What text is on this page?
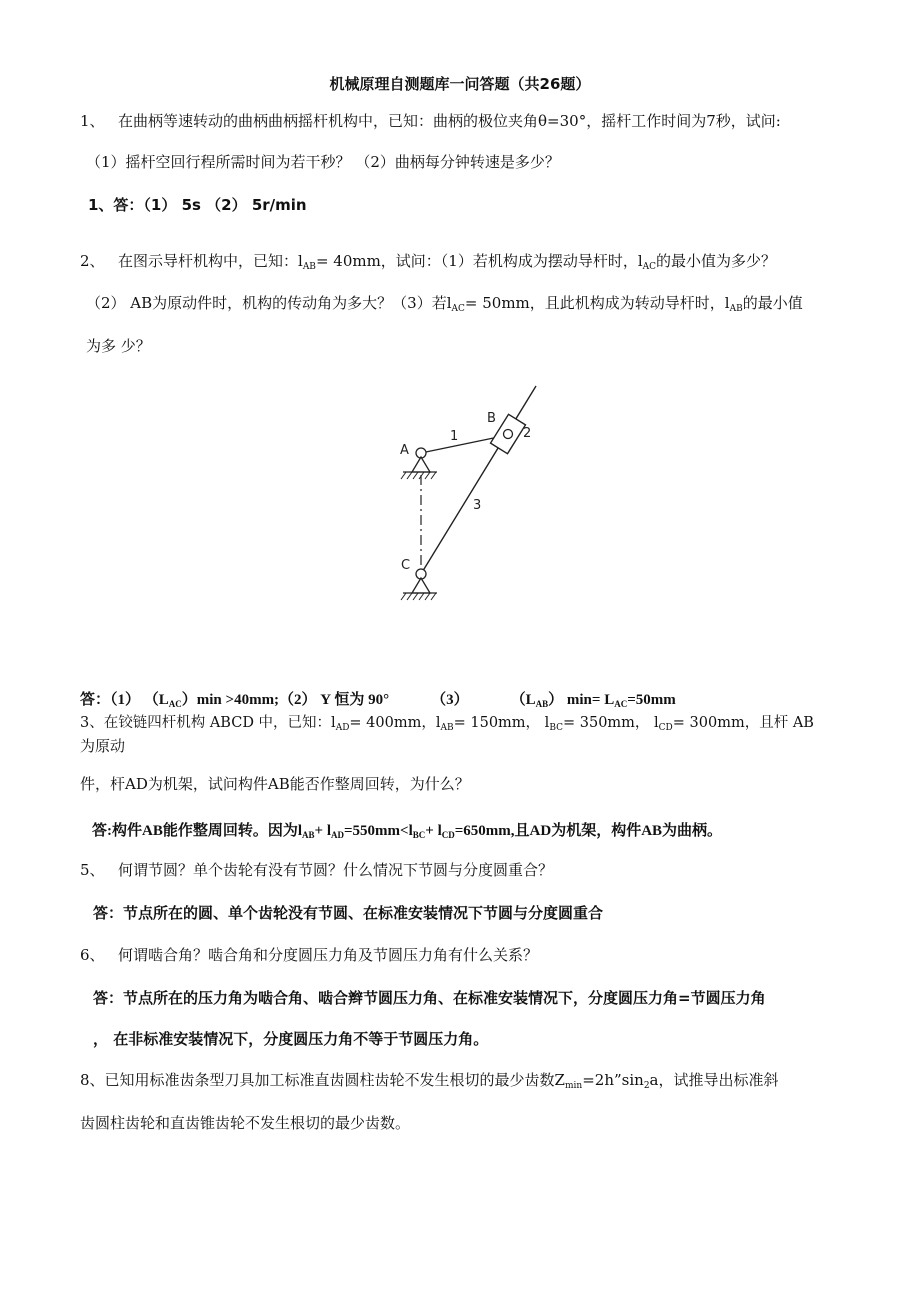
机械原理自测题库一问答题（共26题）
1、 在曲柄等速转动的曲柄曲柄摇杆机构中，已知：曲柄的极位夹角θ=30°，摇杆工作时间为7秒，试问:
（1）摇杆空回行程所需时间为若干秒？ （2）曲柄每分钟转速是多少？
1、答：（1） 5s （2） 5r/min
2、 在图示导杆机构中，已知：$l_{AB}= 40mm$，试问：（1）若机构成为摆动导杆时，$l_{AC}$的最小值为多少？
（2） AB为原动件时，机构的传动角为多大？（3）若$l_{AC}= 50mm$，且此机构成为转动导杆时，$l_{AB}$的最小值
为多 少？
A
B
C
1	2
3
答：（1） $(L_{AC})\min$ >40mm;（2） Y 恒为 90°	（3）	$(L_{AB})$ $\min= L_{AC}=50mm$
3、在铰链四杆机构 ABCD 中，已知：$l_{AD}= 400mm$，$l_{AB}= 150mm$， $l_{BC}= 350mm$， $l_{CD}= 300mm$，且杆 AB
为原动
件，杆AD为机架，试问构件AB能否作整周回转，为什么？
答:构件AB能作整周回转。因为$l_{AB}+ l_{AD}=550mm<l_{BC}+ l_{CD}=650mm$,且AD为机架，构件AB为曲柄。
5、 何谓节圆？单个齿轮有没有节圆？什么情况下节圆与分度圆重合？
答：节点所在的圆、单个齿轮没有节圆、在标准安装情况下节圆与分度圆重合
6、 何谓啮合角？啮合角和分度圆压力角及节圆压力角有什么关系？
答：节点所在的压力角为啮合角、啮合辫节圆压力角、在标准安装情况下，分度圆压力角=节圆压力角
， 在非标准安装情况下，分度圆压力角不等于节圆压力角。
8、已知用标准齿条型刀具加工标准直齿圆柱齿轮不发生根切的最少齿数$Z_{min}=2h”\sin_2a$，试推导出标准斜
齿圆柱齿轮和直齿锥齿轮不发生根切的最少齿数。
